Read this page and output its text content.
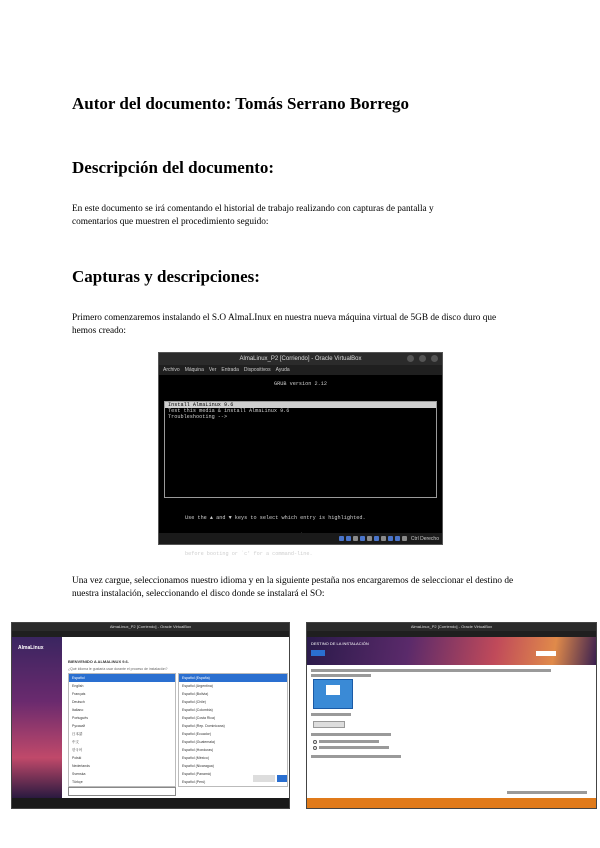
Autor del documento: Tomás Serrano Borrego
Descripción del documento:

En este documento se irá comentando el historial de trabajo realizando con capturas de pantalla y comentarios que muestren el procedimiento seguido:

Capturas y descripciones:

Primero comenzaremos instalando el S.O AlmaLInux en nuestra nueva máquina virtual de 5GB de disco duro que hemos creado:

AlmaLinux_P2 [Corriendo] - Oracle VirtualBox
Archivo Máquina Ver Entrada Dispositivos Ayuda
GRUB version 2.12
Install AlmaLinux 9.6
Test this media & install AlmaLinux 9.6
Troubleshooting -->

Use the ▲ and ▼ keys to select which entry is highlighted.

before booting or `c' for a command-line.

Ctrl Derecho

Una vez cargue, seleccionamos nuestro idioma y en la siguiente pestaña nos encargaremos de seleccionar el destino de nuestra instalación, seleccionando el disco donde se instalará el SO:

AlmaLinux_P2 [Corriendo] - Oracle VirtualBox
AlmaLinux
BIENVENIDO A ALMALINUX 9.6.
¿Qué idioma le gustaría usar durante el proceso de instalación?
Español
English
Français
Deutsch
Italiano
Português
Русский
日本語
中文
한국어
Polski
Nederlands
Svenska
Türkçe
Español (España)
Español (Argentina)
Español (Bolivia)
Español (Chile)
Español (Colombia)
Español (Costa Rica)
Español (Rep. Dominicana)
Español (Ecuador)
Español (Guatemala)
Español (Honduras)
Español (México)
Español (Nicaragua)
Español (Panamá)
Español (Perú)
AlmaLinux_P2 [Corriendo] - Oracle VirtualBox
DESTINO DE LA INSTALACIÓN
